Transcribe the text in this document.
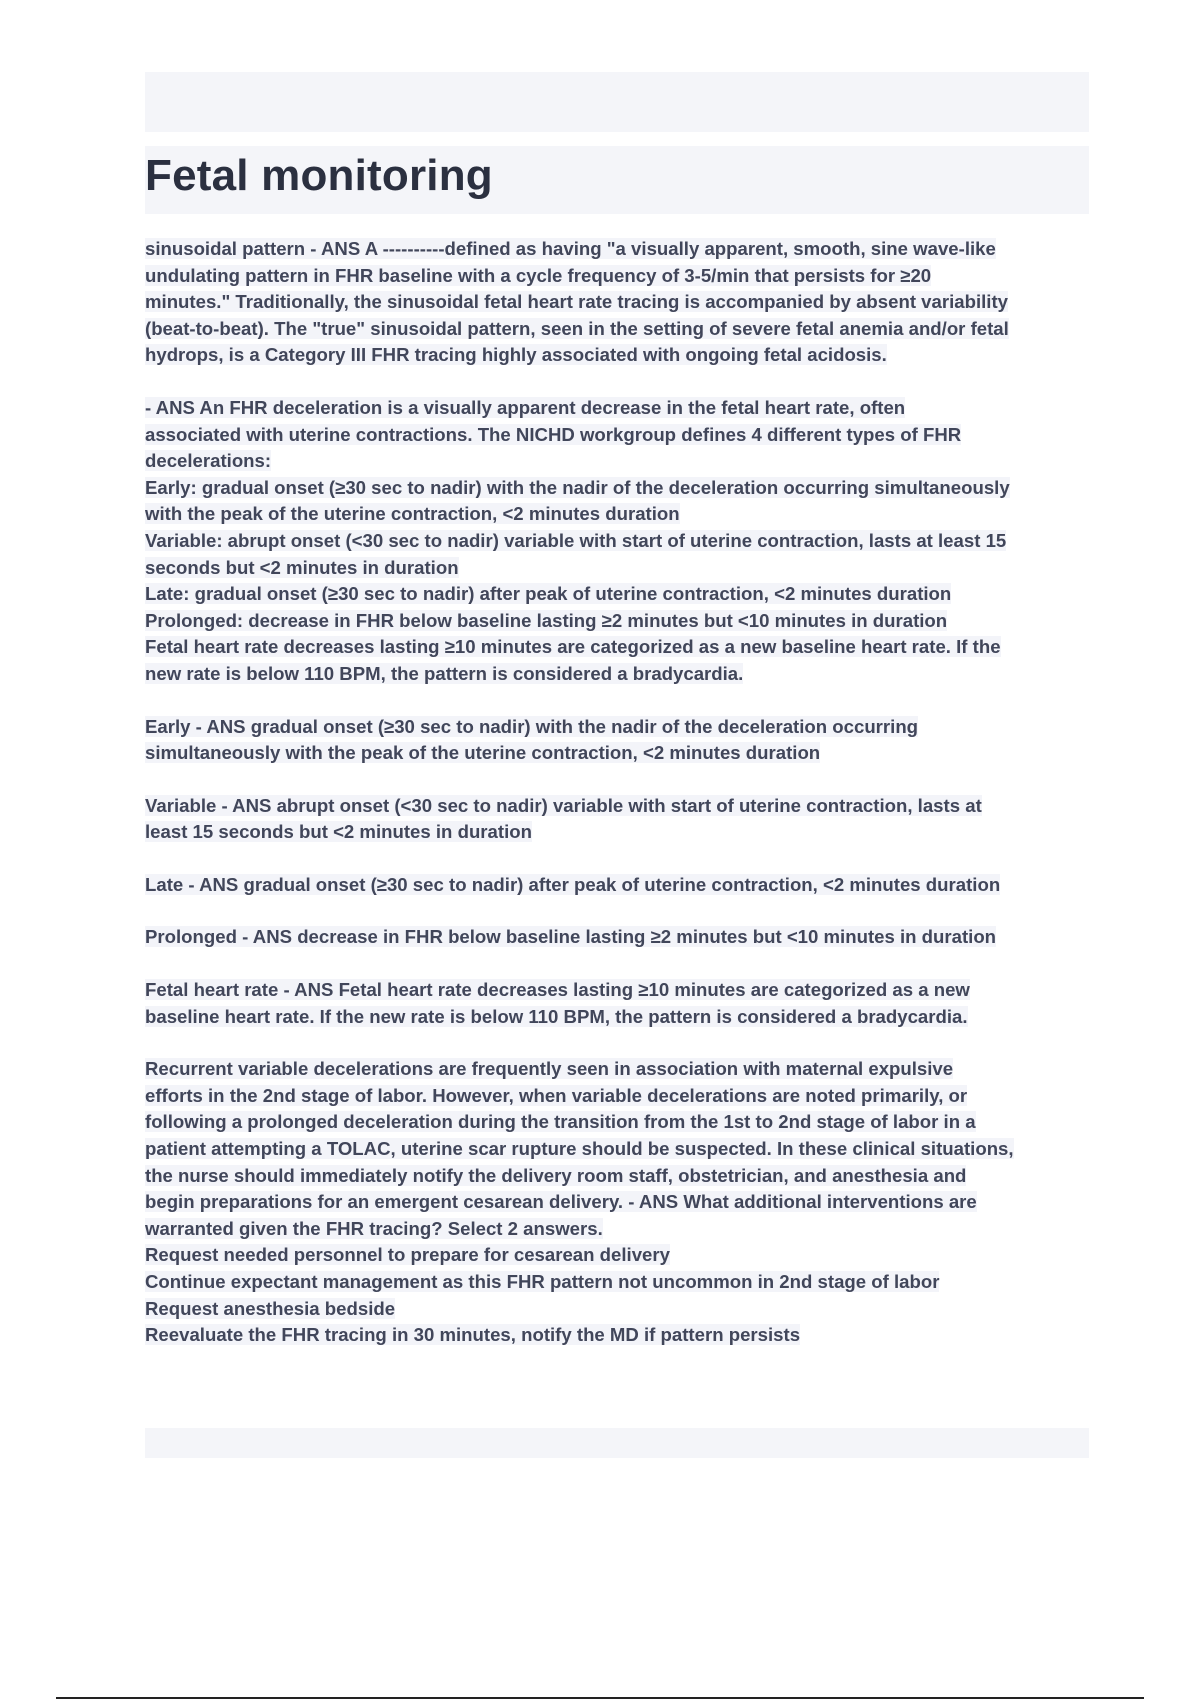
Fetal monitoring
sinusoidal pattern - ANS A ----------defined as having "a visually apparent, smooth, sine wave-like
undulating pattern in FHR baseline with a cycle frequency of 3-5/min that persists for ≥20
minutes." Traditionally, the sinusoidal fetal heart rate tracing is accompanied by absent variability
(beat-to-beat). The "true" sinusoidal pattern, seen in the setting of severe fetal anemia and/or fetal
hydrops, is a Category III FHR tracing highly associated with ongoing fetal acidosis.
- ANS An FHR deceleration is a visually apparent decrease in the fetal heart rate, often
associated with uterine contractions. The NICHD workgroup defines 4 different types of FHR
decelerations:
Early: gradual onset (≥30 sec to nadir) with the nadir of the deceleration occurring simultaneously
with the peak of the uterine contraction, <2 minutes duration
Variable: abrupt onset (<30 sec to nadir) variable with start of uterine contraction, lasts at least 15
seconds but <2 minutes in duration
Late: gradual onset (≥30 sec to nadir) after peak of uterine contraction, <2 minutes duration
Prolonged: decrease in FHR below baseline lasting ≥2 minutes but <10 minutes in duration
Fetal heart rate decreases lasting ≥10 minutes are categorized as a new baseline heart rate. If the
new rate is below 110 BPM, the pattern is considered a bradycardia.
Early - ANS gradual onset (≥30 sec to nadir) with the nadir of the deceleration occurring
simultaneously with the peak of the uterine contraction, <2 minutes duration
Variable - ANS abrupt onset (<30 sec to nadir) variable with start of uterine contraction, lasts at
least 15 seconds but <2 minutes in duration
Late - ANS gradual onset (≥30 sec to nadir) after peak of uterine contraction, <2 minutes duration
Prolonged - ANS decrease in FHR below baseline lasting ≥2 minutes but <10 minutes in duration
Fetal heart rate - ANS Fetal heart rate decreases lasting ≥10 minutes are categorized as a new
baseline heart rate. If the new rate is below 110 BPM, the pattern is considered a bradycardia.
Recurrent variable decelerations are frequently seen in association with maternal expulsive
efforts in the 2nd stage of labor. However, when variable decelerations are noted primarily, or
following a prolonged deceleration during the transition from the 1st to 2nd stage of labor in a
patient attempting a TOLAC, uterine scar rupture should be suspected. In these clinical situations,
the nurse should immediately notify the delivery room staff, obstetrician, and anesthesia and
begin preparations for an emergent cesarean delivery. - ANS What additional interventions are
warranted given the FHR tracing? Select 2 answers.
Request needed personnel to prepare for cesarean delivery
Continue expectant management as this FHR pattern not uncommon in 2nd stage of labor
Request anesthesia bedside
Reevaluate the FHR tracing in 30 minutes, notify the MD if pattern persists
